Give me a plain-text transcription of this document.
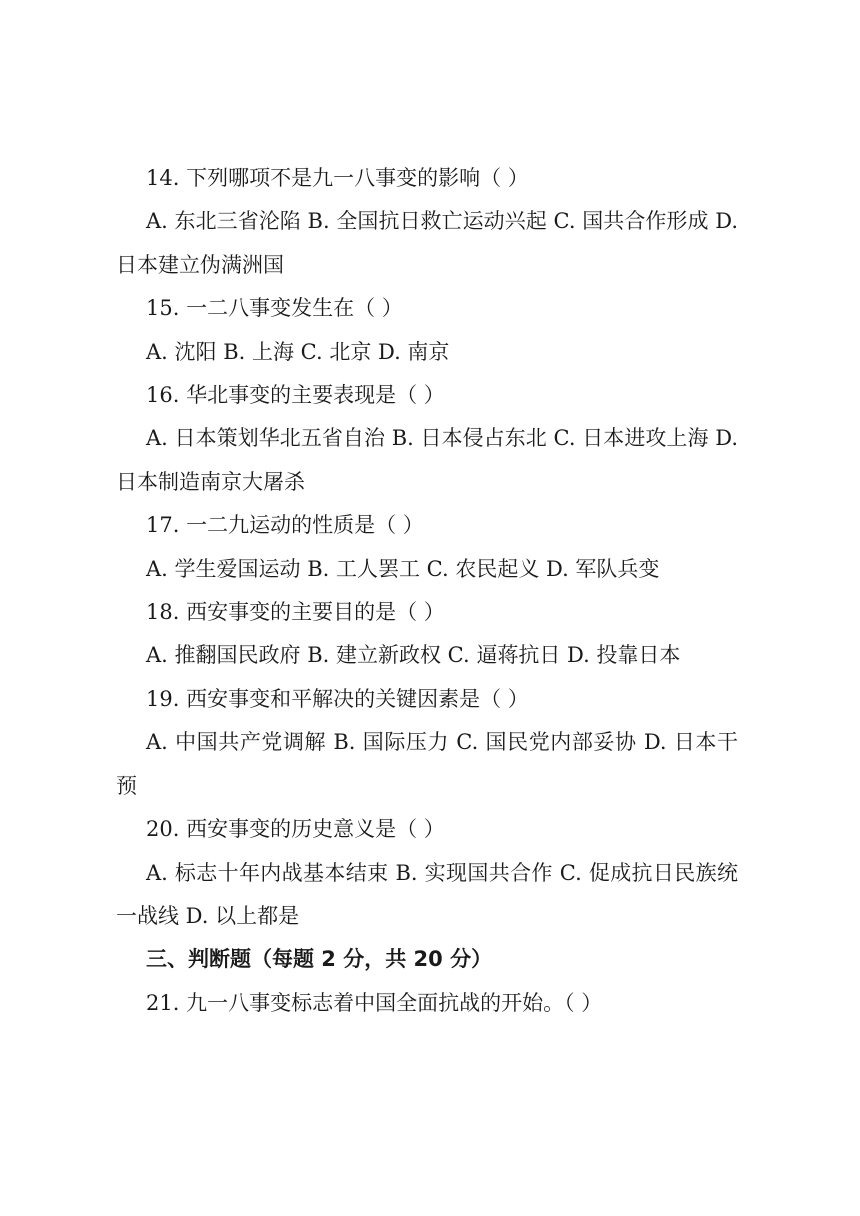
14. 下列哪项不是九一八事变的影响（ ）

A. 东北三省沦陷 B. 全国抗日救亡运动兴起 C. 国共合作形成 D. 日本建立伪满洲国

15. 一二八事变发生在（ ）

A. 沈阳 B. 上海 C. 北京 D. 南京

16. 华北事变的主要表现是（ ）

A. 日本策划华北五省自治 B. 日本侵占东北 C. 日本进攻上海 D. 日本制造南京大屠杀

17. 一二九运动的性质是（ ）

A. 学生爱国运动 B. 工人罢工 C. 农民起义 D. 军队兵变

18. 西安事变的主要目的是（ ）

A. 推翻国民政府 B. 建立新政权 C. 逼蒋抗日 D. 投靠日本

19. 西安事变和平解决的关键因素是（ ）

A. 中国共产党调解 B. 国际压力 C. 国民党内部妥协 D. 日本干预

20. 西安事变的历史意义是（ ）

A. 标志十年内战基本结束 B. 实现国共合作 C. 促成抗日民族统一战线 D. 以上都是

三、判断题（每题 2 分，共 20 分）

21. 九一八事变标志着中国全面抗战的开始。（ ）
